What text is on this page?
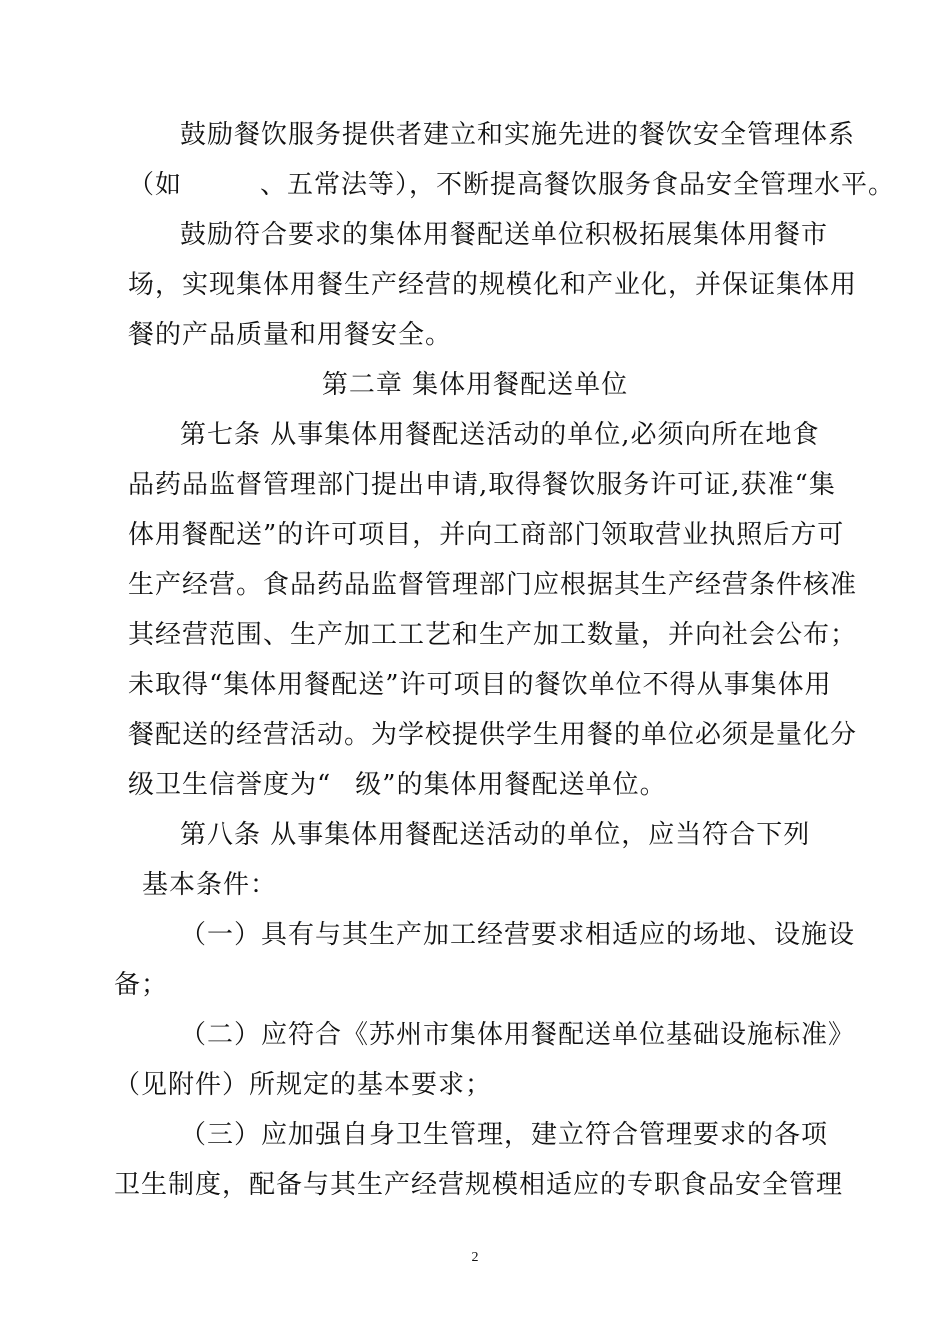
鼓励餐饮服务提供者建立和实施先进的餐饮安全管理体系
（如	、五常法等），不断提高餐饮服务食品安全管理水平。
鼓励符合要求的集体用餐配送单位积极拓展集体用餐市
场，实现集体用餐生产经营的规模化和产业化，并保证集体用
餐的产品质量和用餐安全。
第二章 集体用餐配送单位
第七条 从事集体用餐配送活动的单位,必须向所在地食
品药品监督管理部门提出申请,取得餐饮服务许可证,获准“集
体用餐配送”的许可项目，并向工商部门领取营业执照后方可
生产经营。食品药品监督管理部门应根据其生产经营条件核准
其经营范围、生产加工工艺和生产加工数量，并向社会公布；
未取得“集体用餐配送”许可项目的餐饮单位不得从事集体用
餐配送的经营活动。为学校提供学生用餐的单位必须是量化分
级卫生信誉度为“ 级”的集体用餐配送单位。
第八条 从事集体用餐配送活动的单位，应当符合下列
基本条件：
（一）具有与其生产加工经营要求相适应的场地、设施设
备；
（二）应符合《苏州市集体用餐配送单位基础设施标准》
（见附件）所规定的基本要求；
（三）应加强自身卫生管理，建立符合管理要求的各项
卫生制度，配备与其生产经营规模相适应的专职食品安全管理
2
